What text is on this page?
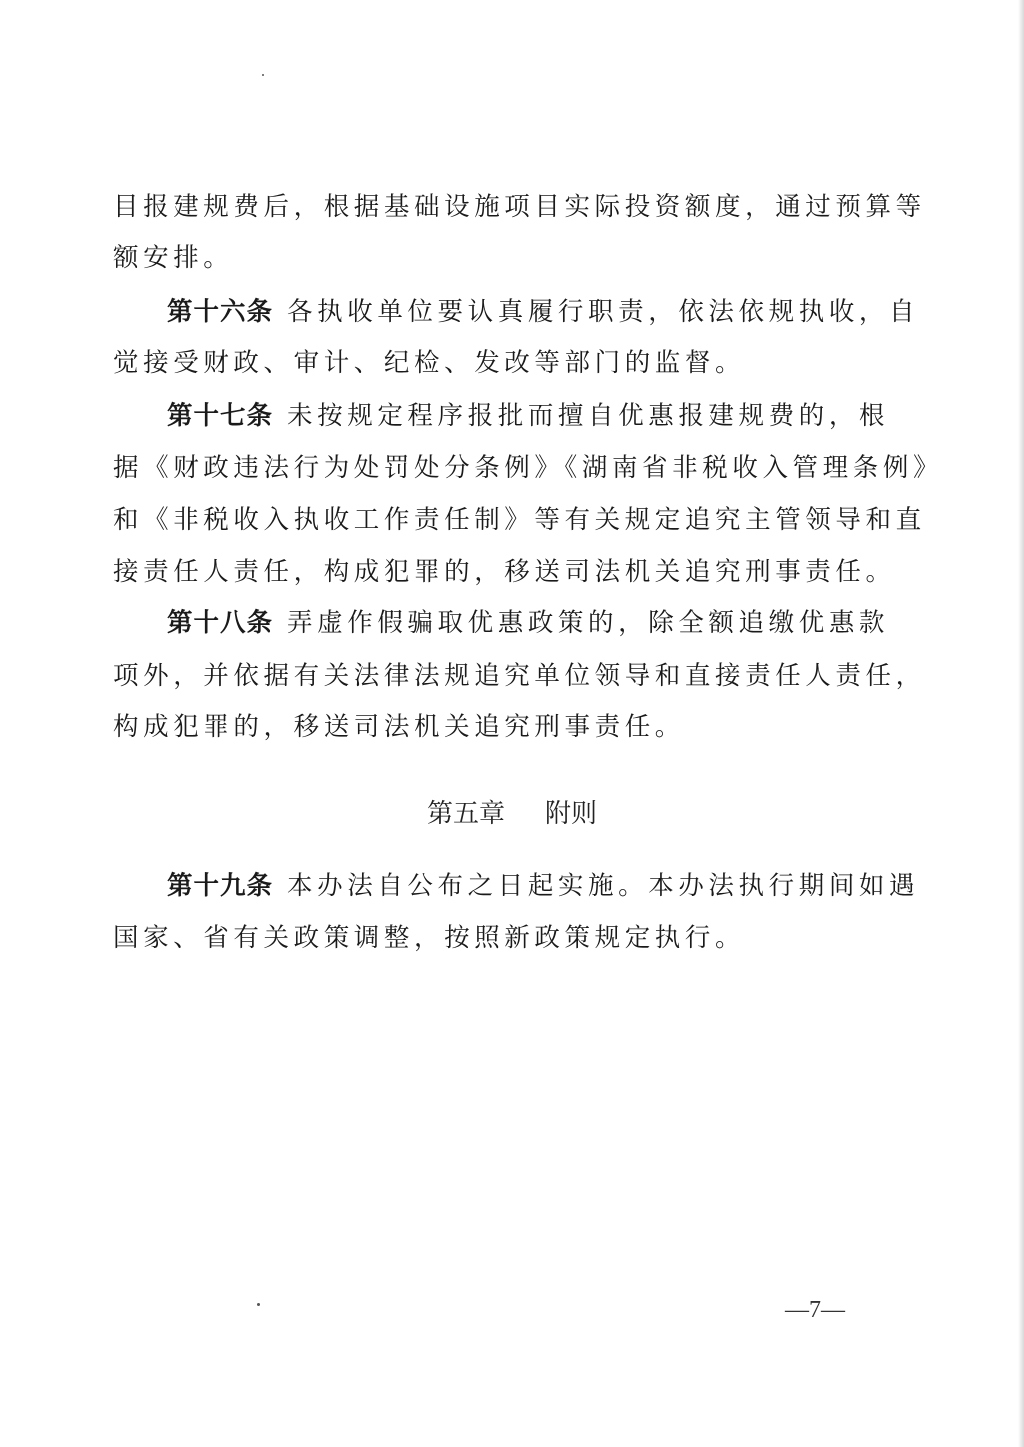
目报建规费后，根据基础设施项目实际投资额度，通过预算等
额安排。
第十六条 各执收单位要认真履行职责，依法依规执收，自
觉接受财政、审计、纪检、发改等部门的监督。
第十七条 未按规定程序报批而擅自优惠报建规费的，根
据《财政违法行为处罚处分条例》《湖南省非税收入管理条例》
和《非税收入执收工作责任制》等有关规定追究主管领导和直
接责任人责任，构成犯罪的，移送司法机关追究刑事责任。
第十八条 弄虚作假骗取优惠政策的，除全额追缴优惠款
项外，并依据有关法律法规追究单位领导和直接责任人责任，
构成犯罪的，移送司法机关追究刑事责任。
第五章 附则
第十九条 本办法自公布之日起实施。本办法执行期间如遇
国家、省有关政策调整，按照新政策规定执行。
—7—
